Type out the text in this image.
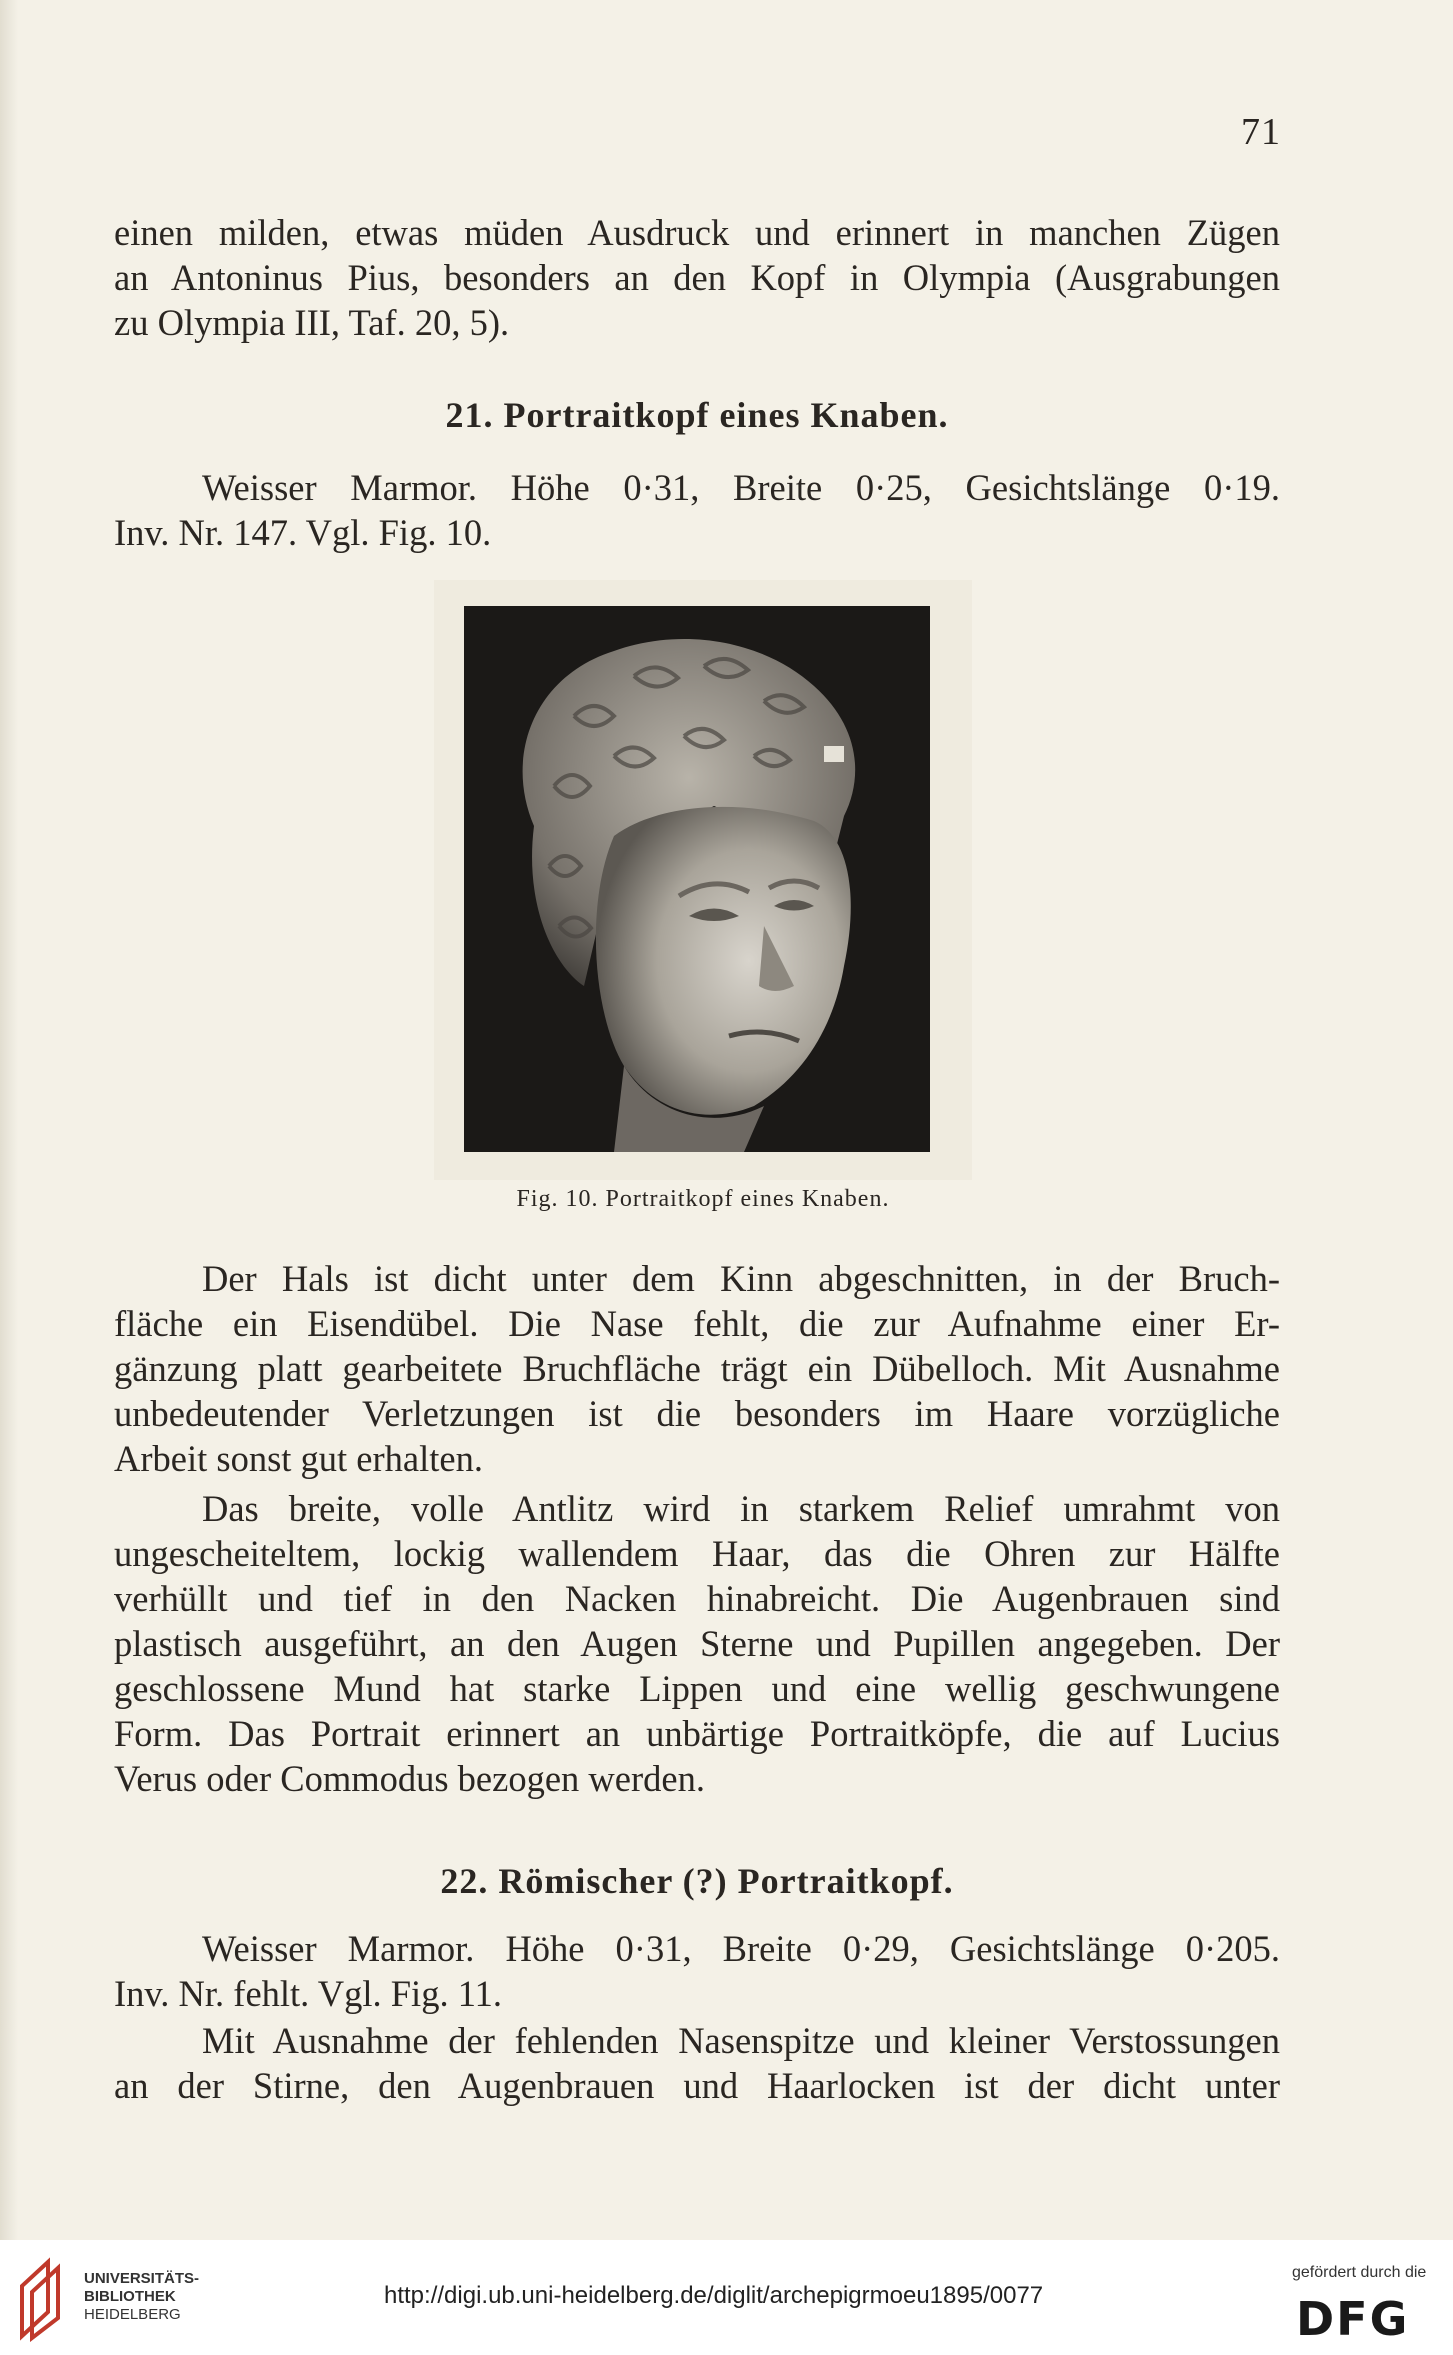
71
einen milden, etwas müden Ausdruck und erinnert in manchen Zügen
an Antoninus Pius, besonders an den Kopf in Olympia (Ausgrabungen
zu Olympia III, Taf. 20, 5).
21. Portraitkopf eines Knaben.
Weisser Marmor. Höhe 0·31, Breite 0·25, Gesichtslänge 0·19.
Inv. Nr. 147. Vgl. Fig. 10.
Fig. 10. Portraitkopf eines Knaben.
Der Hals ist dicht unter dem Kinn abgeschnitten, in der Bruch-
fläche ein Eisendübel. Die Nase fehlt, die zur Aufnahme einer Er-
gänzung platt gearbeitete Bruchfläche trägt ein Dübelloch. Mit Ausnahme
unbedeutender Verletzungen ist die besonders im Haare vorzügliche
Arbeit sonst gut erhalten.
Das breite, volle Antlitz wird in starkem Relief umrahmt von
ungescheiteltem, lockig wallendem Haar, das die Ohren zur Hälfte
verhüllt und tief in den Nacken hinabreicht. Die Augenbrauen sind
plastisch ausgeführt, an den Augen Sterne und Pupillen angegeben. Der
geschlossene Mund hat starke Lippen und eine wellig geschwungene
Form. Das Portrait erinnert an unbärtige Portraitköpfe, die auf Lucius
Verus oder Commodus bezogen werden.
22. Römischer (?) Portraitkopf.
Weisser Marmor. Höhe 0·31, Breite 0·29, Gesichtslänge 0·205.
Inv. Nr. fehlt. Vgl. Fig. 11.
Mit Ausnahme der fehlenden Nasenspitze und kleiner Verstossungen
an der Stirne, den Augenbrauen und Haarlocken ist der dicht unter
UNIVERSITÄTS-
BIBLIOTHEK
HEIDELBERG
http://digi.ub.uni-heidelberg.de/diglit/archepigrmoeu1895/0077
gefördert durch die
DFG
